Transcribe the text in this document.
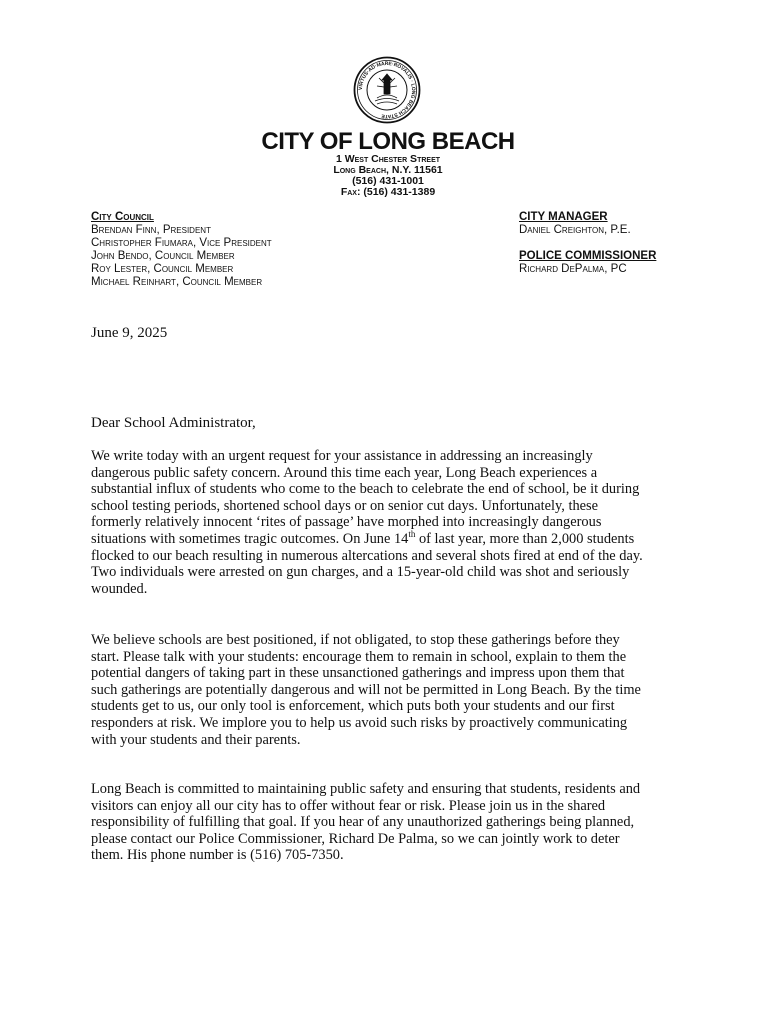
VIRTUS·AD·MARE·ROVALIS · LONG BEACH STATE
CITY OF LONG BEACH
1 West Chester Street
Long Beach, N.Y. 11561
(516) 431-1001
Fax: (516) 431-1389
City Council
Brendan Finn, President
Christopher Fiumara, Vice President
John Bendo, Council Member
Roy Lester, Council Member
Michael Reinhart, Council Member
CITY MANAGER
Daniel Creighton, P.E.
POLICE COMMISSIONER
Richard DePalma, PC
June 9, 2025
Dear School Administrator,
We write today with an urgent request for your assistance in addressing an increasingly
dangerous public safety concern. Around this time each year, Long Beach experiences a
substantial influx of students who come to the beach to celebrate the end of school, be it during
school testing periods, shortened school days or on senior cut days. Unfortunately, these
formerly relatively innocent ‘rites of passage’ have morphed into increasingly dangerous
situations with sometimes tragic outcomes. On June 14th of last year, more than 2,000 students
flocked to our beach resulting in numerous altercations and several shots fired at end of the day.
Two individuals were arrested on gun charges, and a 15-year-old child was shot and seriously
wounded.
We believe schools are best positioned, if not obligated, to stop these gatherings before they
start. Please talk with your students: encourage them to remain in school, explain to them the
potential dangers of taking part in these unsanctioned gatherings and impress upon them that
such gatherings are potentially dangerous and will not be permitted in Long Beach. By the time
students get to us, our only tool is enforcement, which puts both your students and our first
responders at risk. We implore you to help us avoid such risks by proactively communicating
with your students and their parents.
Long Beach is committed to maintaining public safety and ensuring that students, residents and
visitors can enjoy all our city has to offer without fear or risk. Please join us in the shared
responsibility of fulfilling that goal. If you hear of any unauthorized gatherings being planned,
please contact our Police Commissioner, Richard De Palma, so we can jointly work to deter
them. His phone number is (516) 705-7350.
